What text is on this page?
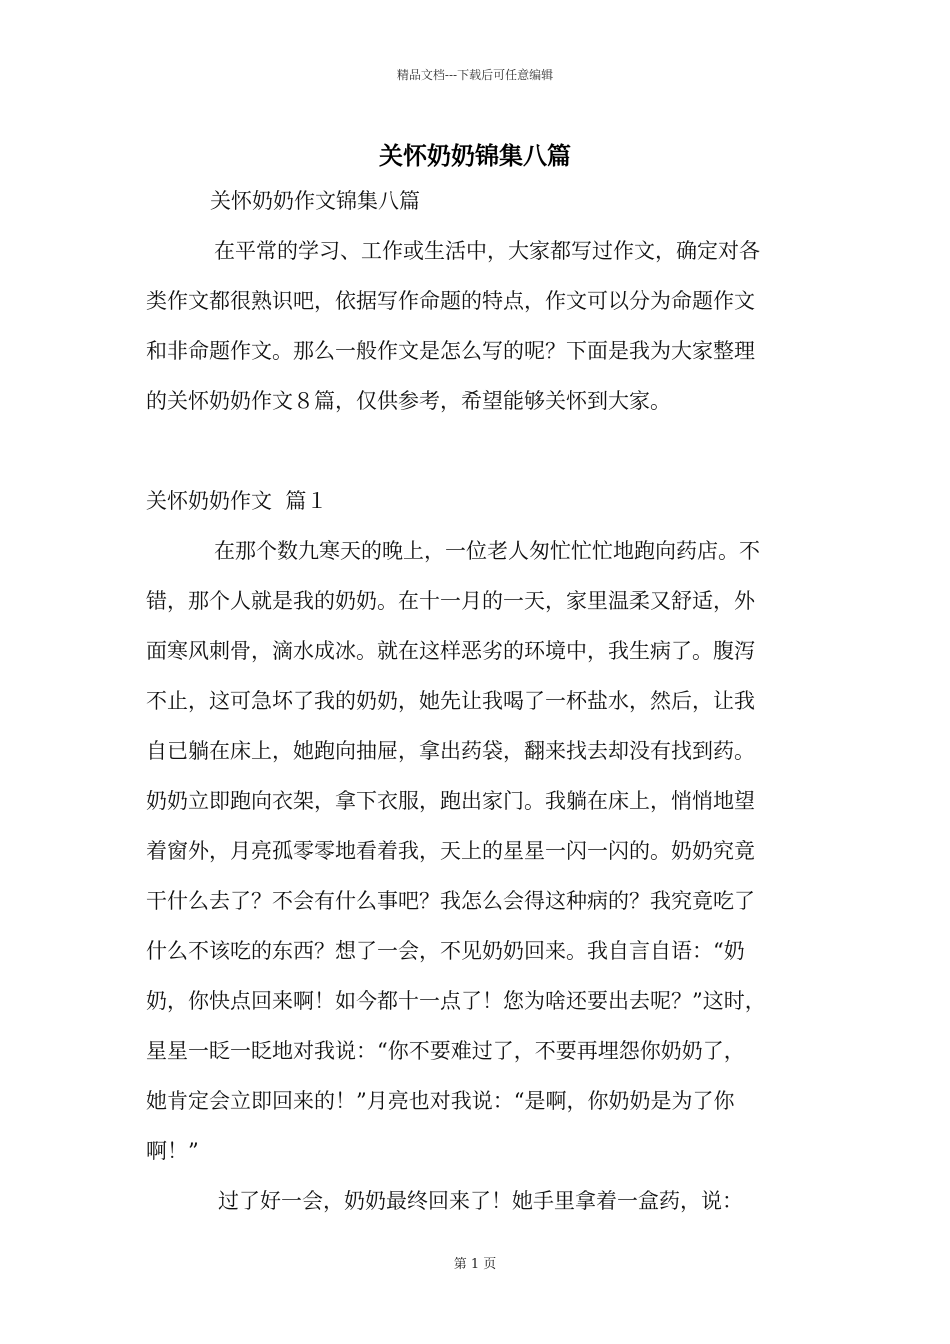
精品文档---下载后可任意编辑
关怀奶奶锦集八篇
关怀奶奶作文锦集八篇
在平常的学习、工作或生活中，大家都写过作文，确定对各
类作文都很熟识吧，依据写作命题的特点，作文可以分为命题作文
和非命题作文。那么一般作文是怎么写的呢？下面是我为大家整理
的关怀奶奶作文８篇，仅供参考，希望能够关怀到大家。
关怀奶奶作文  篇１
在那个数九寒天的晚上，一位老人匆忙忙忙地跑向药店。不
错，那个人就是我的奶奶。在十一月的一天，家里温柔又舒适，外
面寒风刺骨，滴水成冰。就在这样恶劣的环境中，我生病了。腹泻
不止，这可急坏了我的奶奶，她先让我喝了一杯盐水，然后，让我
自已躺在床上，她跑向抽屉，拿出药袋，翻来找去却没有找到药。
奶奶立即跑向衣架，拿下衣服，跑出家门。我躺在床上，悄悄地望
着窗外，月亮孤零零地看着我，天上的星星一闪一闪的。奶奶究竟
干什么去了？不会有什么事吧？我怎么会得这种病的？我究竟吃了
什么不该吃的东西？想了一会，不见奶奶回来。我自言自语：“奶
奶，你快点回来啊！如今都十一点了！您为啥还要出去呢？”这时，
星星一眨一眨地对我说：“你不要难过了，不要再埋怨你奶奶了，
她肯定会立即回来的！”月亮也对我说：“是啊，你奶奶是为了你
啊！”
过了好一会，奶奶最终回来了！她手里拿着一盒药，说：
第 1 页
